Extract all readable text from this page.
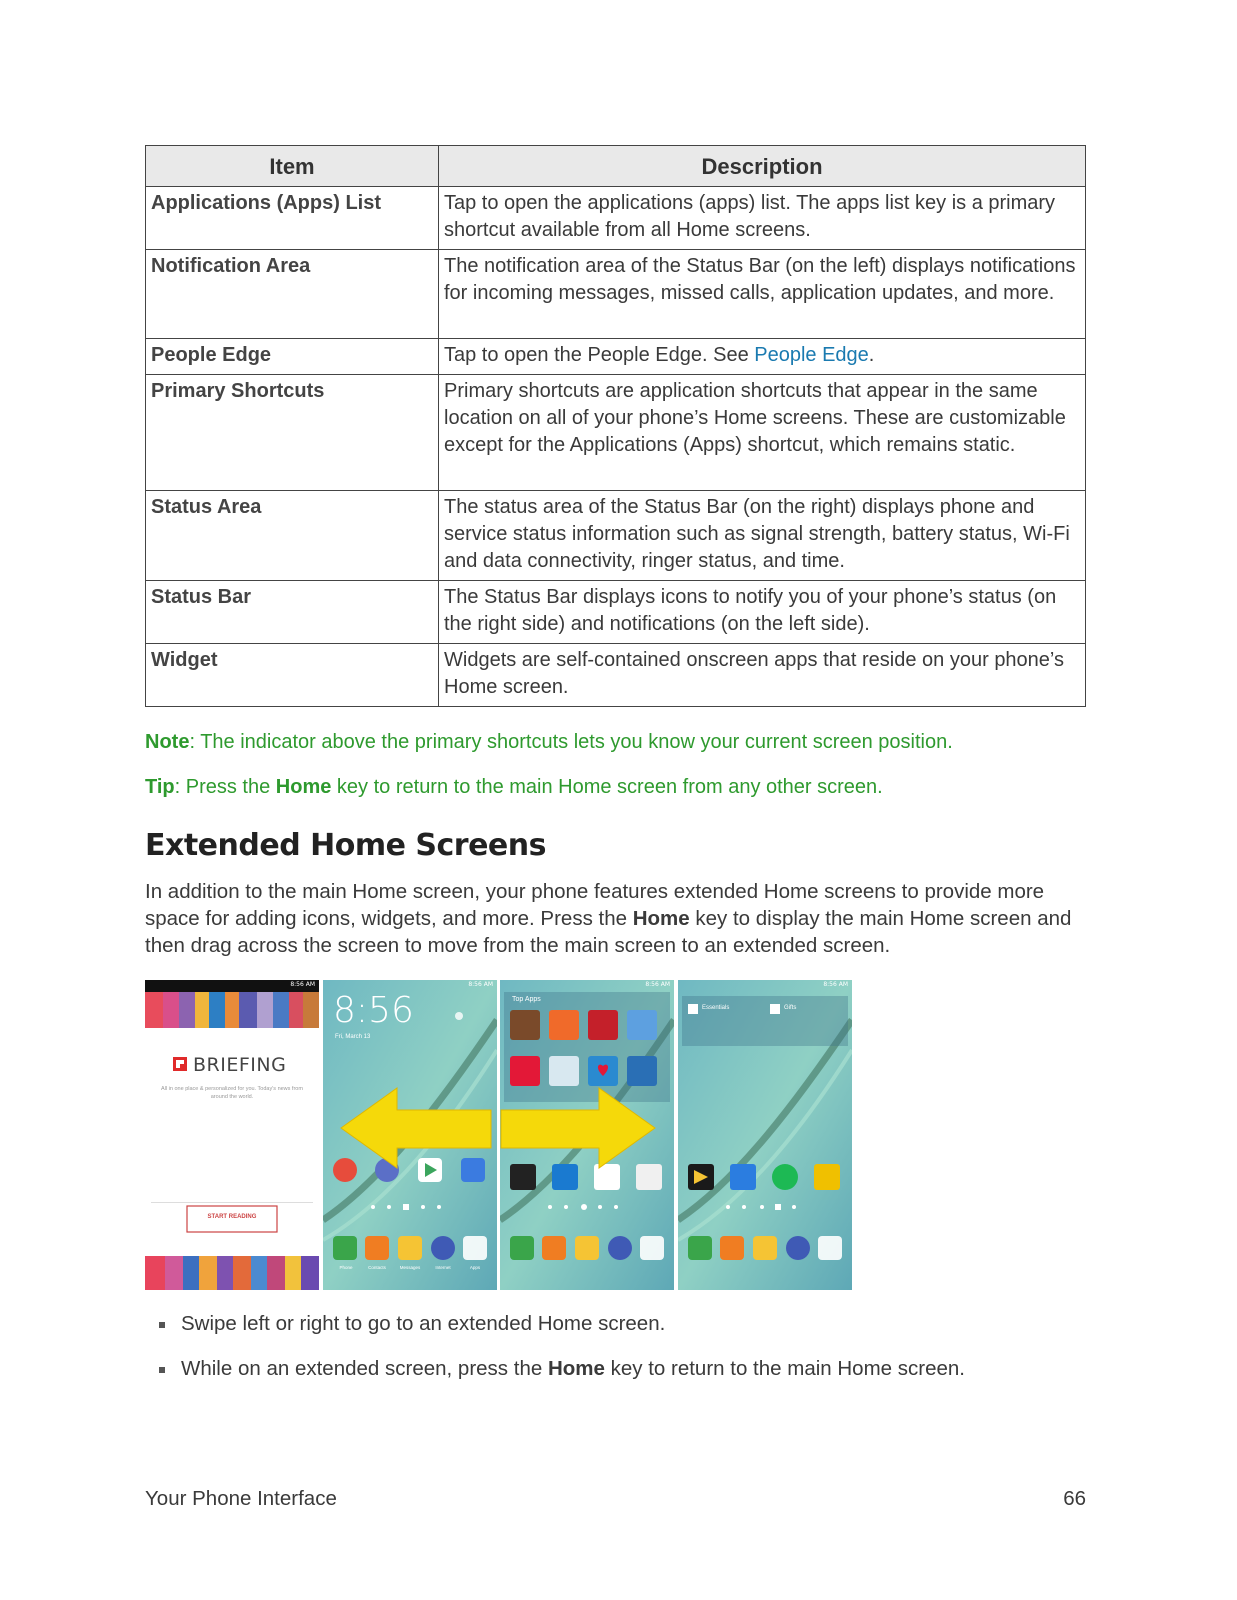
Item	Description
Applications (Apps) List	Tap to open the applications (apps) list. The apps list key is a primary shortcut available from all Home screens.
Notification Area	The notification area of the Status Bar (on the left) displays notifications for incoming messages, missed calls, application updates, and more.
People Edge	Tap to open the People Edge. See People Edge.
Primary Shortcuts	Primary shortcuts are application shortcuts that appear in the same location on all of your phone’s Home screens. These are customizable except for the Applications (Apps) shortcut, which remains static.
Status Area	The status area of the Status Bar (on the right) displays phone and service status information such as signal strength, battery status, Wi-Fi and data connectivity, ringer status, and time.
Status Bar	The Status Bar displays icons to notify you of your phone’s status (on the right side) and notifications (on the left side).
Widget	Widgets are self-contained onscreen apps that reside on your phone’s Home screen.
Note: The indicator above the primary shortcuts lets you know your current screen position.
Tip: Press the Home key to return to the main Home screen from any other screen.
Extended Home Screens

In addition to the main Home screen, your phone features extended Home screens to provide more space for adding icons, widgets, and more. Press the Home key to display the main Home screen and then drag across the screen to move from the main screen to an extended screen.

8:56 AM
BRIEFING
All in one place & personalized for you. Today's news from around the world.
START READING
8:56 AM
8:56
Fri, March 13
Phone	Contacts	Messages	Internet	Apps
8:56 AM
Top Apps
8:56 AM
Essentials	Gifts
Swipe left or right to go to an extended Home screen.
While on an extended screen, press the Home key to return to the main Home screen.
Your Phone Interface	66
